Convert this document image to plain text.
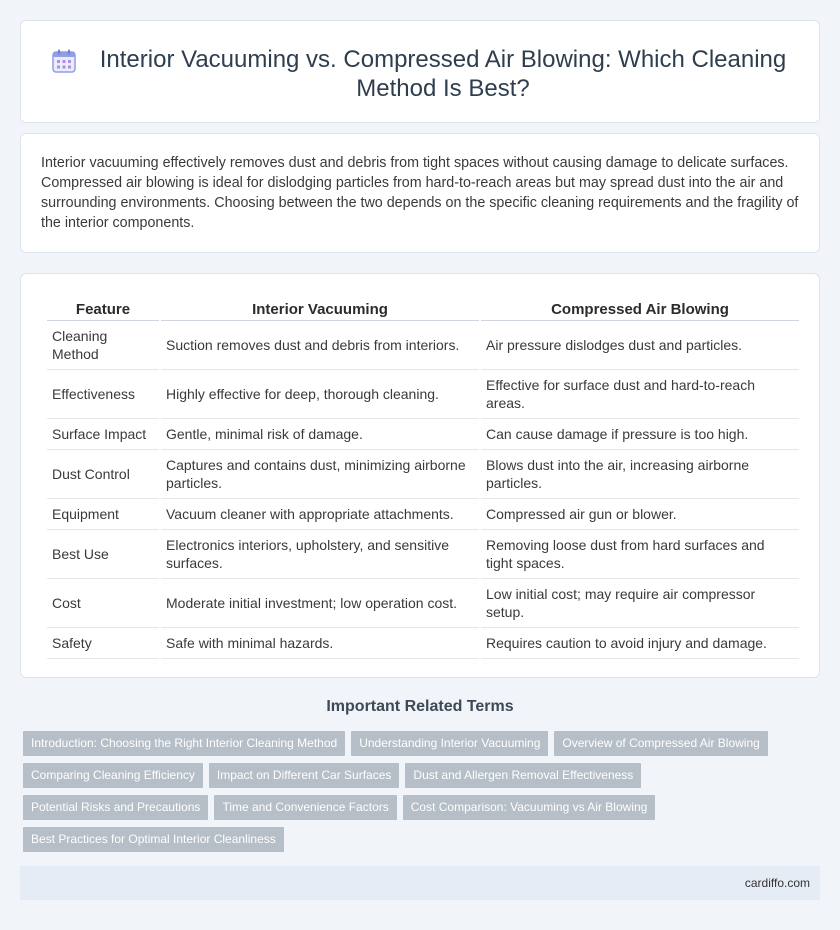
Interior Vacuuming vs. Compressed Air Blowing: Which Cleaning Method Is Best?

Interior vacuuming effectively removes dust and debris from tight spaces without causing damage to delicate surfaces. Compressed air blowing is ideal for dislodging particles from hard-to-reach areas but may spread dust into the air and surrounding environments. Choosing between the two depends on the specific cleaning requirements and the fragility of the interior components.

Feature	Interior Vacuuming	Compressed Air Blowing
Cleaning Method	Suction removes dust and debris from interiors.	Air pressure dislodges dust and particles.
Effectiveness	Highly effective for deep, thorough cleaning.	Effective for surface dust and hard-to-reach areas.
Surface Impact	Gentle, minimal risk of damage.	Can cause damage if pressure is too high.
Dust Control	Captures and contains dust, minimizing airborne particles.	Blows dust into the air, increasing airborne particles.
Equipment	Vacuum cleaner with appropriate attachments.	Compressed air gun or blower.
Best Use	Electronics interiors, upholstery, and sensitive surfaces.	Removing loose dust from hard surfaces and tight spaces.
Cost	Moderate initial investment; low operation cost.	Low initial cost; may require air compressor setup.
Safety	Safe with minimal hazards.	Requires caution to avoid injury and damage.
Important Related Terms
Introduction: Choosing the Right Interior Cleaning Method	Understanding Interior Vacuuming	Overview of Compressed Air Blowing
Comparing Cleaning Efficiency	Impact on Different Car Surfaces	Dust and Allergen Removal Effectiveness
Potential Risks and Precautions	Time and Convenience Factors	Cost Comparison: Vacuuming vs Air Blowing
Best Practices for Optimal Interior Cleanliness
cardiffo.com
